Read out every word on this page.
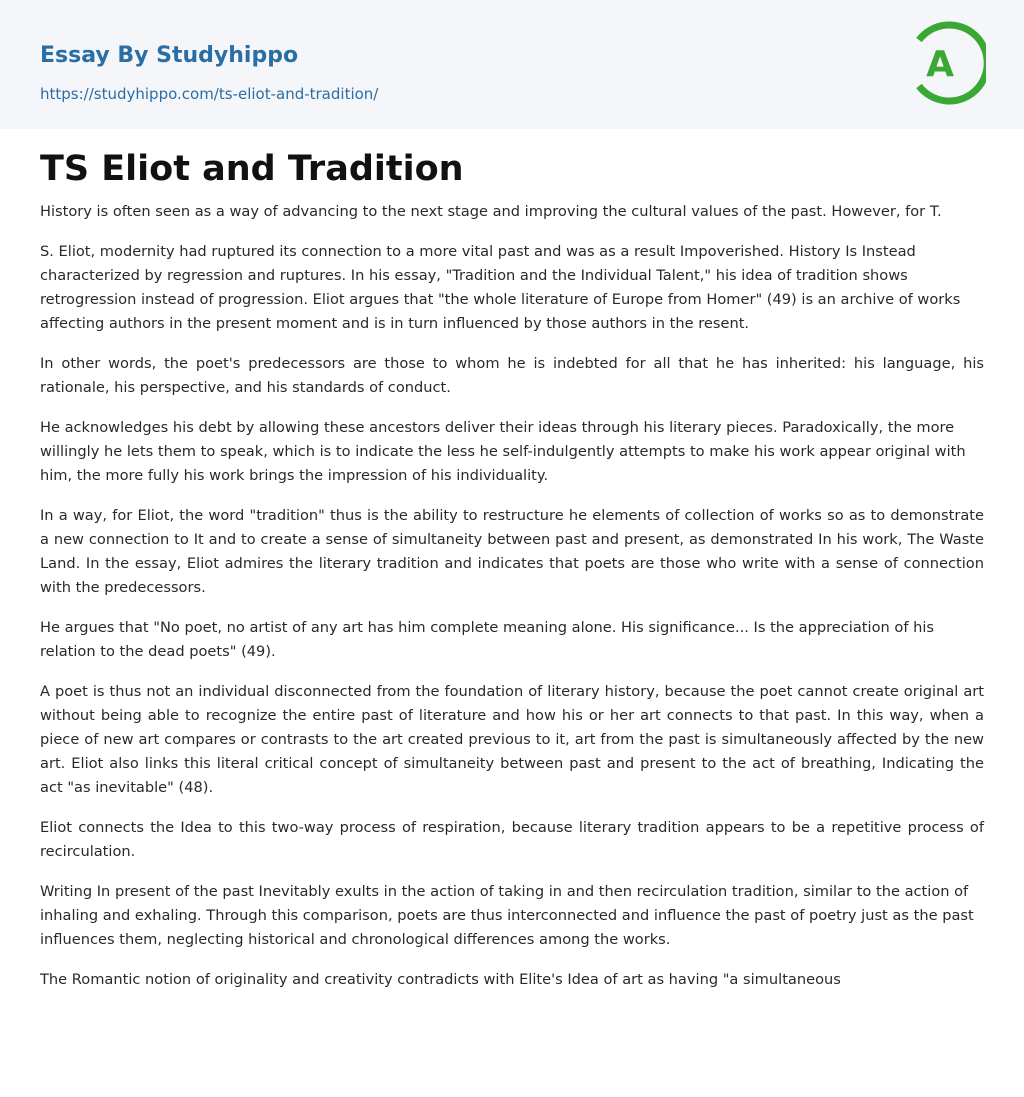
Essay By Studyhippo
https://studyhippo.com/ts-eliot-and-tradition/
A
TS Eliot and Tradition

History is often seen as a way of advancing to the next stage and improving the cultural values of the past. However, for T.

S. Eliot, modernity had ruptured its connection to a more vital past and was as a result Impoverished. History Is Instead characterized by regression and ruptures. In his essay, "Tradition and the Individual Talent," his idea of tradition shows retrogression instead of progression. Eliot argues that "the whole literature of Europe from Homer" (49) is an archive of works affecting authors in the present moment and is in turn influenced by those authors in the resent.

In other words, the poet's predecessors are those to whom he is indebted for all that he has inherited: his language, his rationale, his perspective, and his standards of conduct.

He acknowledges his debt by allowing these ancestors deliver their ideas through his literary pieces. Paradoxically, the more willingly he lets them to speak, which is to indicate the less he self-indulgently attempts to make his work appear original with him, the more fully his work brings the impression of his individuality.

In a way, for Eliot, the word "tradition" thus is the ability to restructure he elements of collection of works so as to demonstrate a new connection to It and to create a sense of simultaneity between past and present, as demonstrated In his work, The Waste Land. In the essay, Eliot admires the literary tradition and indicates that poets are those who write with a sense of connection with the predecessors.

He argues that "No poet, no artist of any art has him complete meaning alone. His significance... Is the appreciation of his relation to the dead poets" (49).

A poet is thus not an individual disconnected from the foundation of literary history, because the poet cannot create original art without being able to recognize the entire past of literature and how his or her art connects to that past. In this way, when a piece of new art compares or contrasts to the art created previous to it, art from the past is simultaneously affected by the new art. Eliot also links this literal critical concept of simultaneity between past and present to the act of breathing, Indicating the act "as inevitable" (48).

Eliot connects the Idea to this two-way process of respiration, because literary tradition appears to be a repetitive process of recirculation.

Writing In present of the past Inevitably exults in the action of taking in and then recirculation tradition, similar to the action of inhaling and exhaling. Through this comparison, poets are thus interconnected and influence the past of poetry just as the past influences them, neglecting historical and chronological differences among the works.

The Romantic notion of originality and creativity contradicts with Elite's Idea of art as having "a simultaneous
